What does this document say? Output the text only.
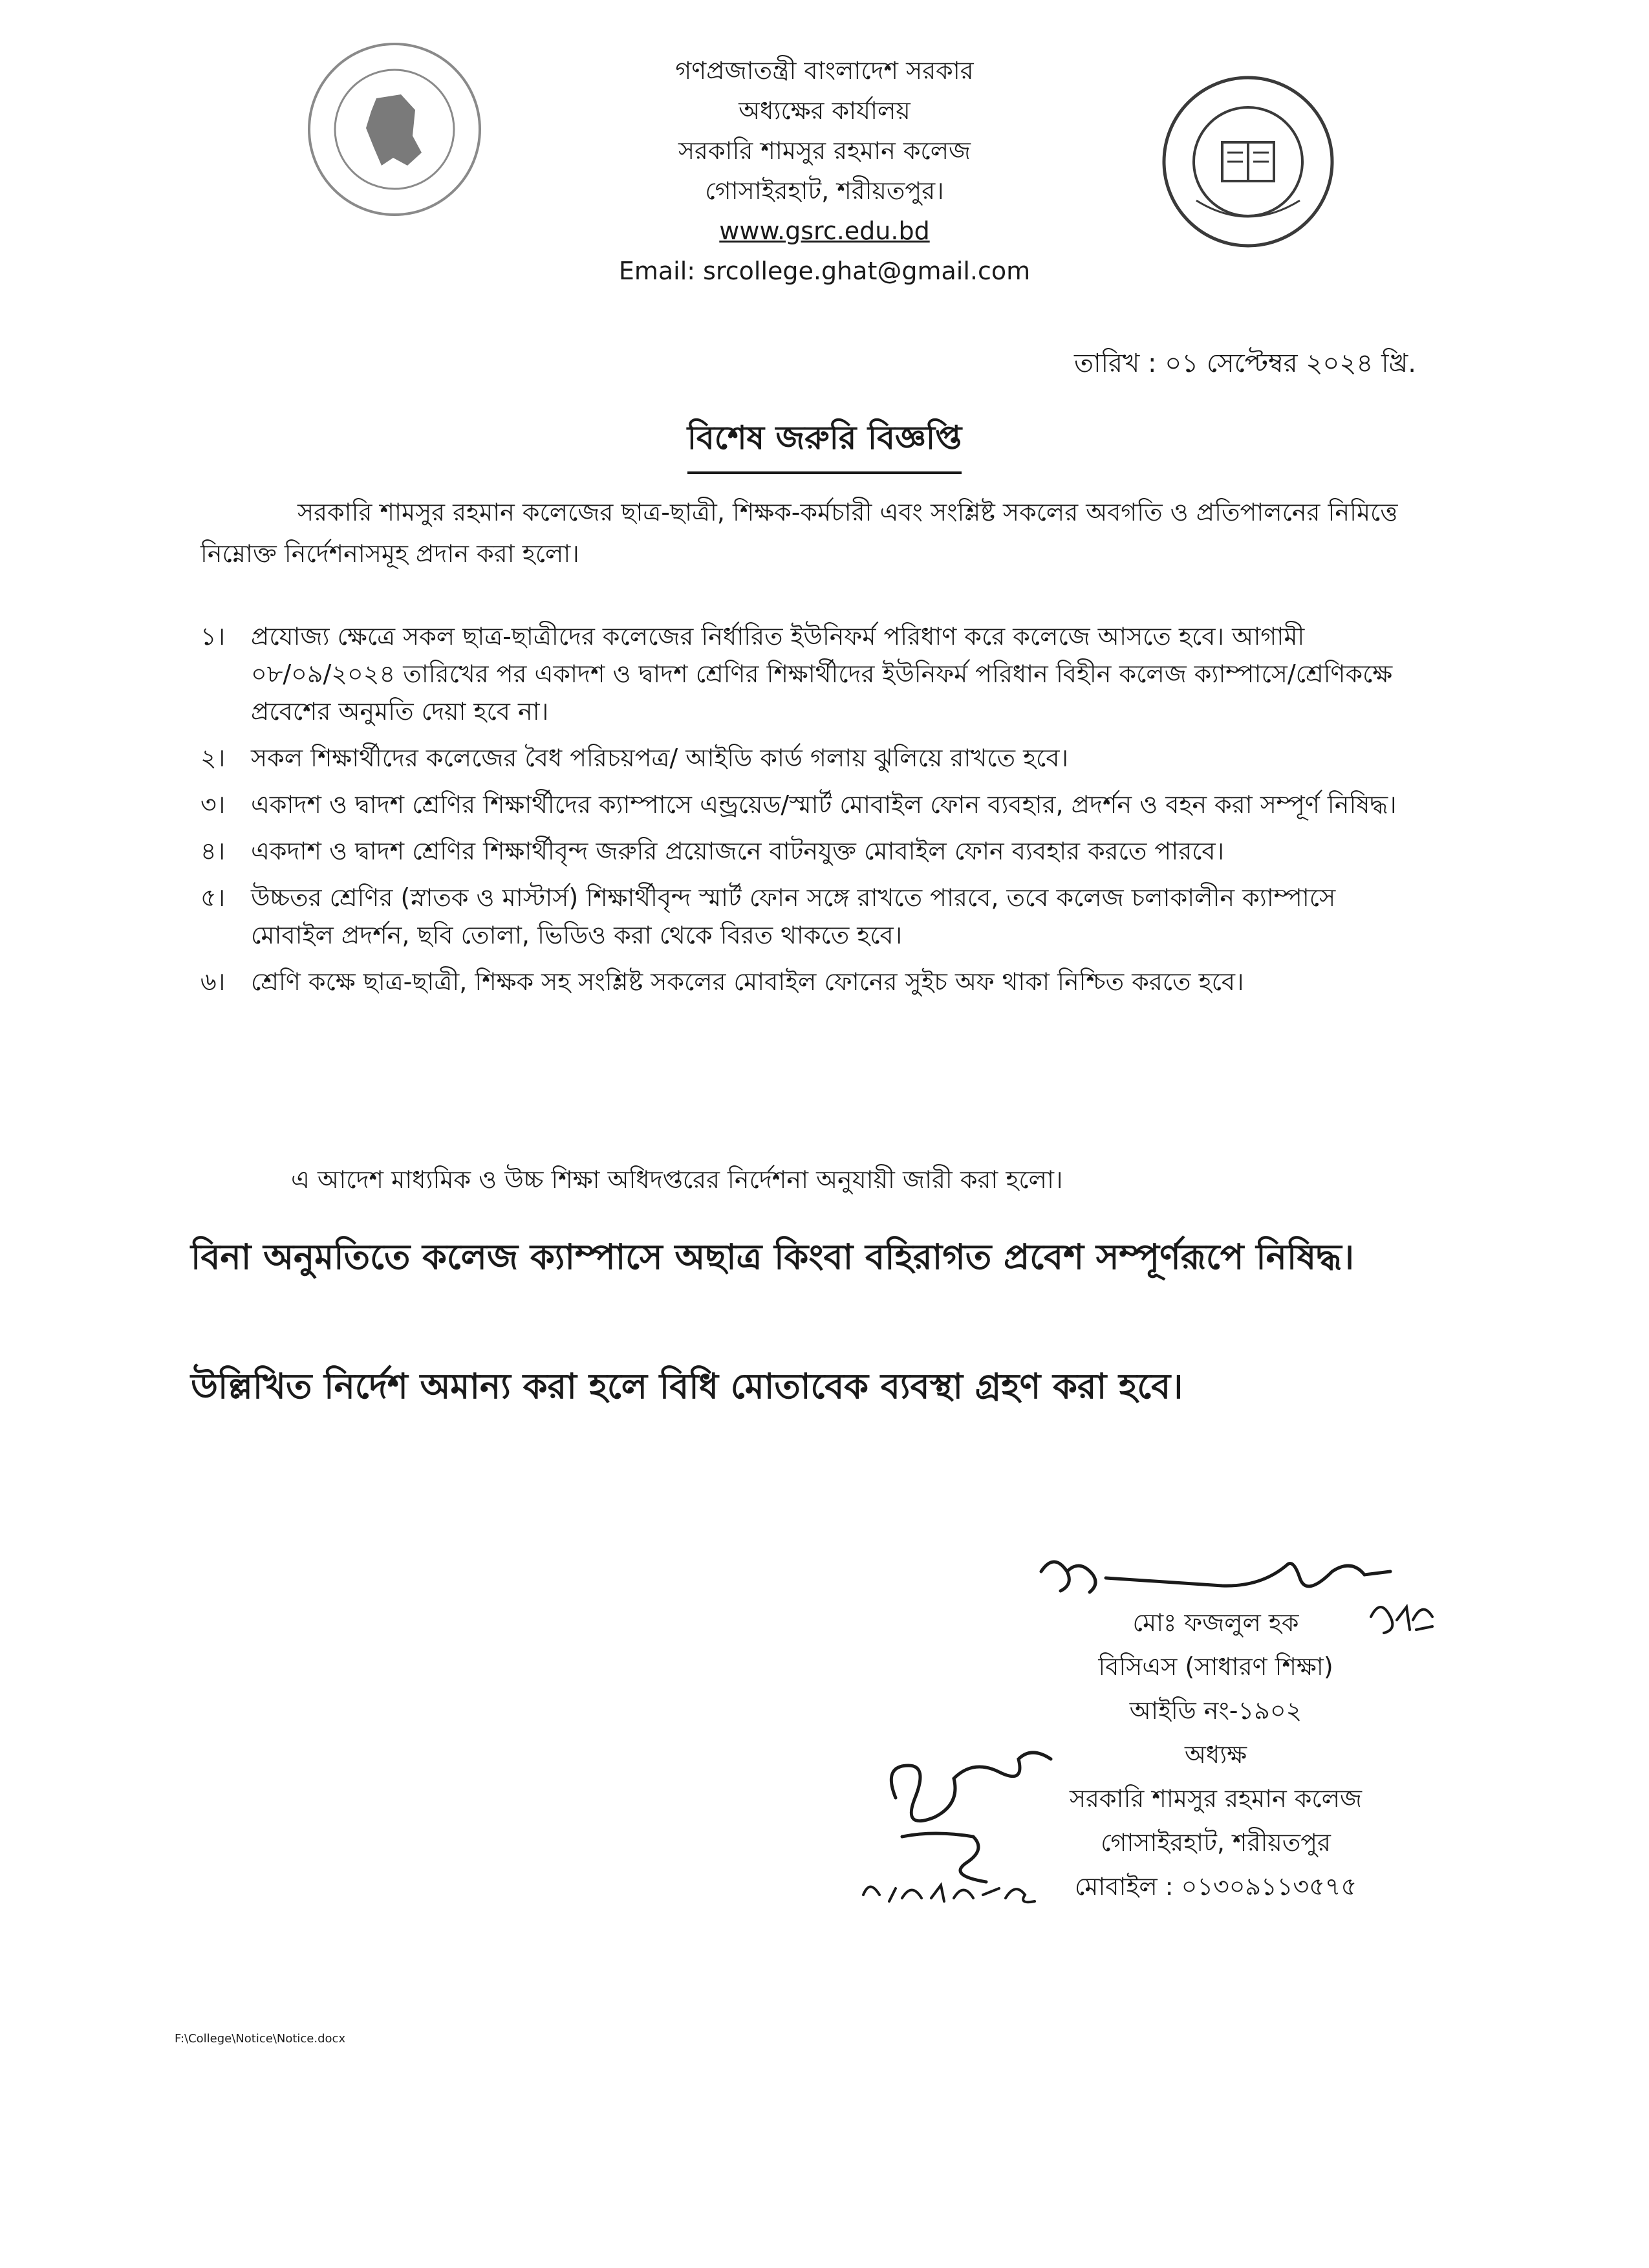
গণপ্রজাতন্ত্রী বাংলাদেশ সরকার
অধ্যক্ষের কার্যালয়
সরকারি শামসুর রহমান কলেজ
গোসাইরহাট, শরীয়তপুর।
www.gsrc.edu.bd
Email: srcollege.ghat@gmail.com
তারিখ : ০১ সেপ্টেম্বর ২০২৪ খ্রি.
বিশেষ জরুরি বিজ্ঞপ্তি
সরকারি শামসুর রহমান কলেজের ছাত্র-ছাত্রী, শিক্ষক-কর্মচারী এবং সংশ্লিষ্ট সকলের অবগতি ও প্রতিপালনের নিমিত্তে নিম্নোক্ত নির্দেশনাসমূহ প্রদান করা হলো।
১।	প্রযোজ্য ক্ষেত্রে সকল ছাত্র-ছাত্রীদের কলেজের নির্ধারিত ইউনিফর্ম পরিধাণ করে কলেজে আসতে হবে। আগামী ০৮/০৯/২০২৪ তারিখের পর একাদশ ও দ্বাদশ শ্রেণির শিক্ষার্থীদের ইউনিফর্ম পরিধান বিহীন কলেজ ক্যাম্পাসে/শ্রেণিকক্ষে প্রবেশের অনুমতি দেয়া হবে না।
২।	সকল শিক্ষার্থীদের কলেজের বৈধ পরিচয়পত্র/ আইডি কার্ড গলায় ঝুলিয়ে রাখতে হবে।
৩।	একাদশ ও দ্বাদশ শ্রেণির শিক্ষার্থীদের ক্যাম্পাসে এন্ড্রয়েড/স্মার্ট মোবাইল ফোন ব্যবহার, প্রদর্শন ও বহন করা সম্পূর্ণ নিষিদ্ধ।
৪।	একদাশ ও দ্বাদশ শ্রেণির শিক্ষার্থীবৃন্দ জরুরি প্রয়োজনে বাটনযুক্ত মোবাইল ফোন ব্যবহার করতে পারবে।
৫।	উচ্চতর শ্রেণির (স্নাতক ও মাস্টার্স) শিক্ষার্থীবৃন্দ স্মার্ট ফোন সঙ্গে রাখতে পারবে, তবে কলেজ চলাকালীন ক্যাম্পাসে মোবাইল প্রদর্শন, ছবি তোলা, ভিডিও করা থেকে বিরত থাকতে হবে।
৬।	শ্রেণি কক্ষে ছাত্র-ছাত্রী, শিক্ষক সহ সংশ্লিষ্ট সকলের মোবাইল ফোনের সুইচ অফ থাকা নিশ্চিত করতে হবে।
এ আদেশ মাধ্যমিক ও উচ্চ শিক্ষা অধিদপ্তরের নির্দেশনা অনুযায়ী জারী করা হলো।
বিনা অনুমতিতে কলেজ ক্যাম্পাসে অছাত্র কিংবা বহিরাগত প্রবেশ সম্পূর্ণরূপে নিষিদ্ধ।
উল্লিখিত নির্দেশ অমান্য করা হলে বিধি মোতাবেক ব্যবস্থা গ্রহণ করা হবে।
মোঃ ফজলুল হক
বিসিএস (সাধারণ শিক্ষা)
আইডি নং-১৯০২
অধ্যক্ষ
সরকারি শামসুর রহমান কলেজ
গোসাইরহাট, শরীয়তপুর
মোবাইল : ০১৩০৯১১৩৫৭৫
F:\College\Notice\Notice.docx
